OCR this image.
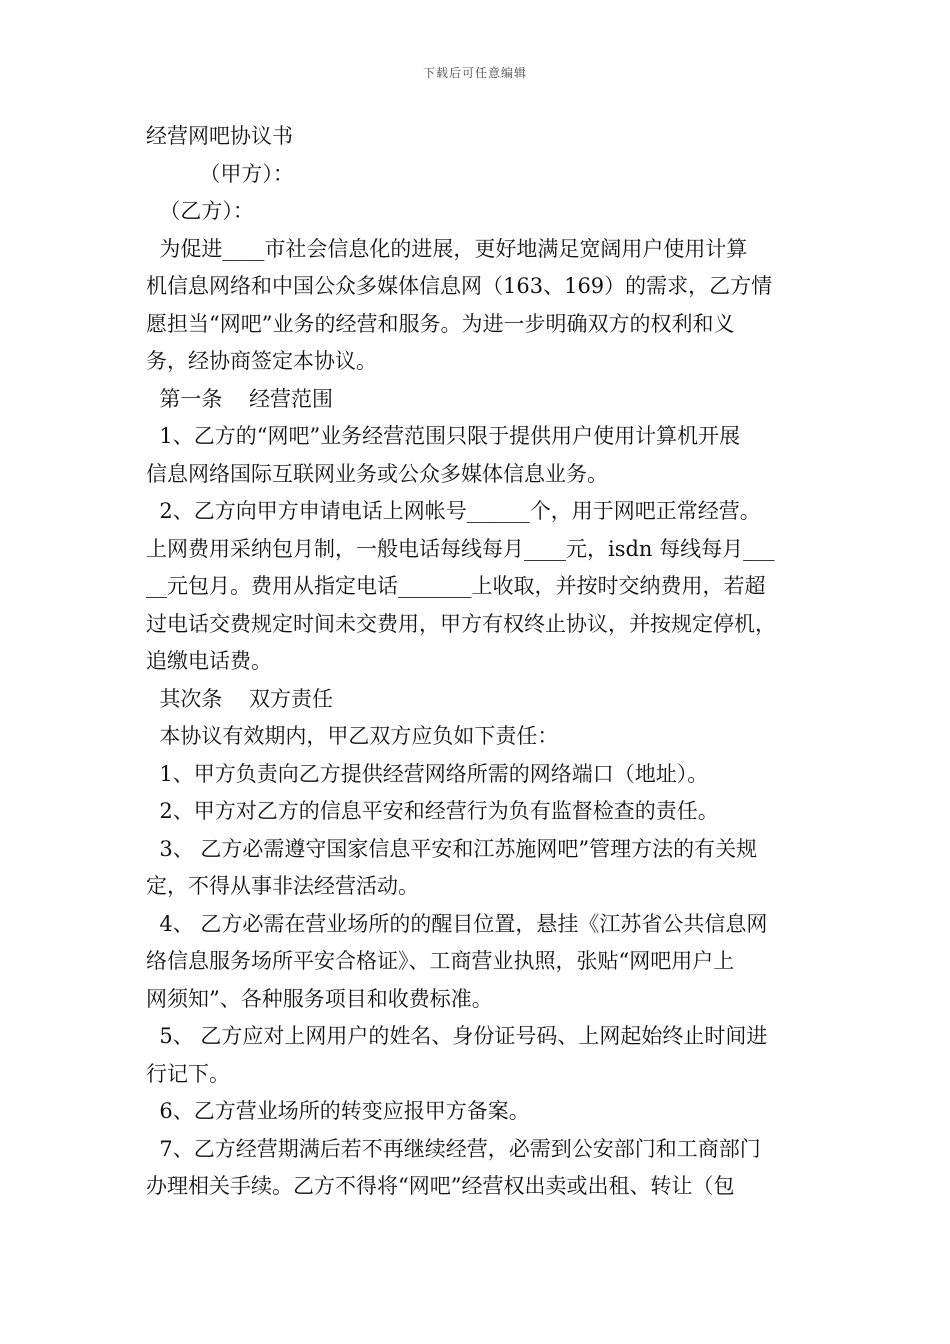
下载后可任意编辑
经营网吧协议书
（甲方）：
（乙方）：
为促进____市社会信息化的进展，更好地满足宽阔用户使用计算
机信息网络和中国公众多媒体信息网（163、169）的需求，乙方情
愿担当“网吧”业务的经营和服务。为进一步明确双方的权利和义
务，经协商签定本协议。
第一条    经营范围
1、乙方的“网吧”业务经营范围只限于提供用户使用计算机开展
信息网络国际互联网业务或公众多媒体信息业务。
2、乙方向甲方申请电话上网帐号______个，用于网吧正常经营。
上网费用采纳包月制，一般电话每线每月____元，isdn 每线每月___
__元包月。费用从指定电话_______上收取，并按时交纳费用，若超
过电话交费规定时间未交费用，甲方有权终止协议，并按规定停机，
追缴电话费。
其次条    双方责任
本协议有效期内，甲乙双方应负如下责任：
1、甲方负责向乙方提供经营网络所需的网络端口（地址）。
2、甲方对乙方的信息平安和经营行为负有监督检查的责任。
3、 乙方必需遵守国家信息平安和江苏施网吧”管理方法的有关规
定，不得从事非法经营活动。
4、 乙方必需在营业场所的的醒目位置，悬挂《江苏省公共信息网
络信息服务场所平安合格证》、工商营业执照，张贴“网吧用户上
网须知”、各种服务项目和收费标准。
5、 乙方应对上网用户的姓名、身份证号码、上网起始终止时间进
行记下。
6、乙方营业场所的转变应报甲方备案。
7、乙方经营期满后若不再继续经营，必需到公安部门和工商部门
办理相关手续。乙方不得将“网吧”经营权出卖或出租、转让（包
